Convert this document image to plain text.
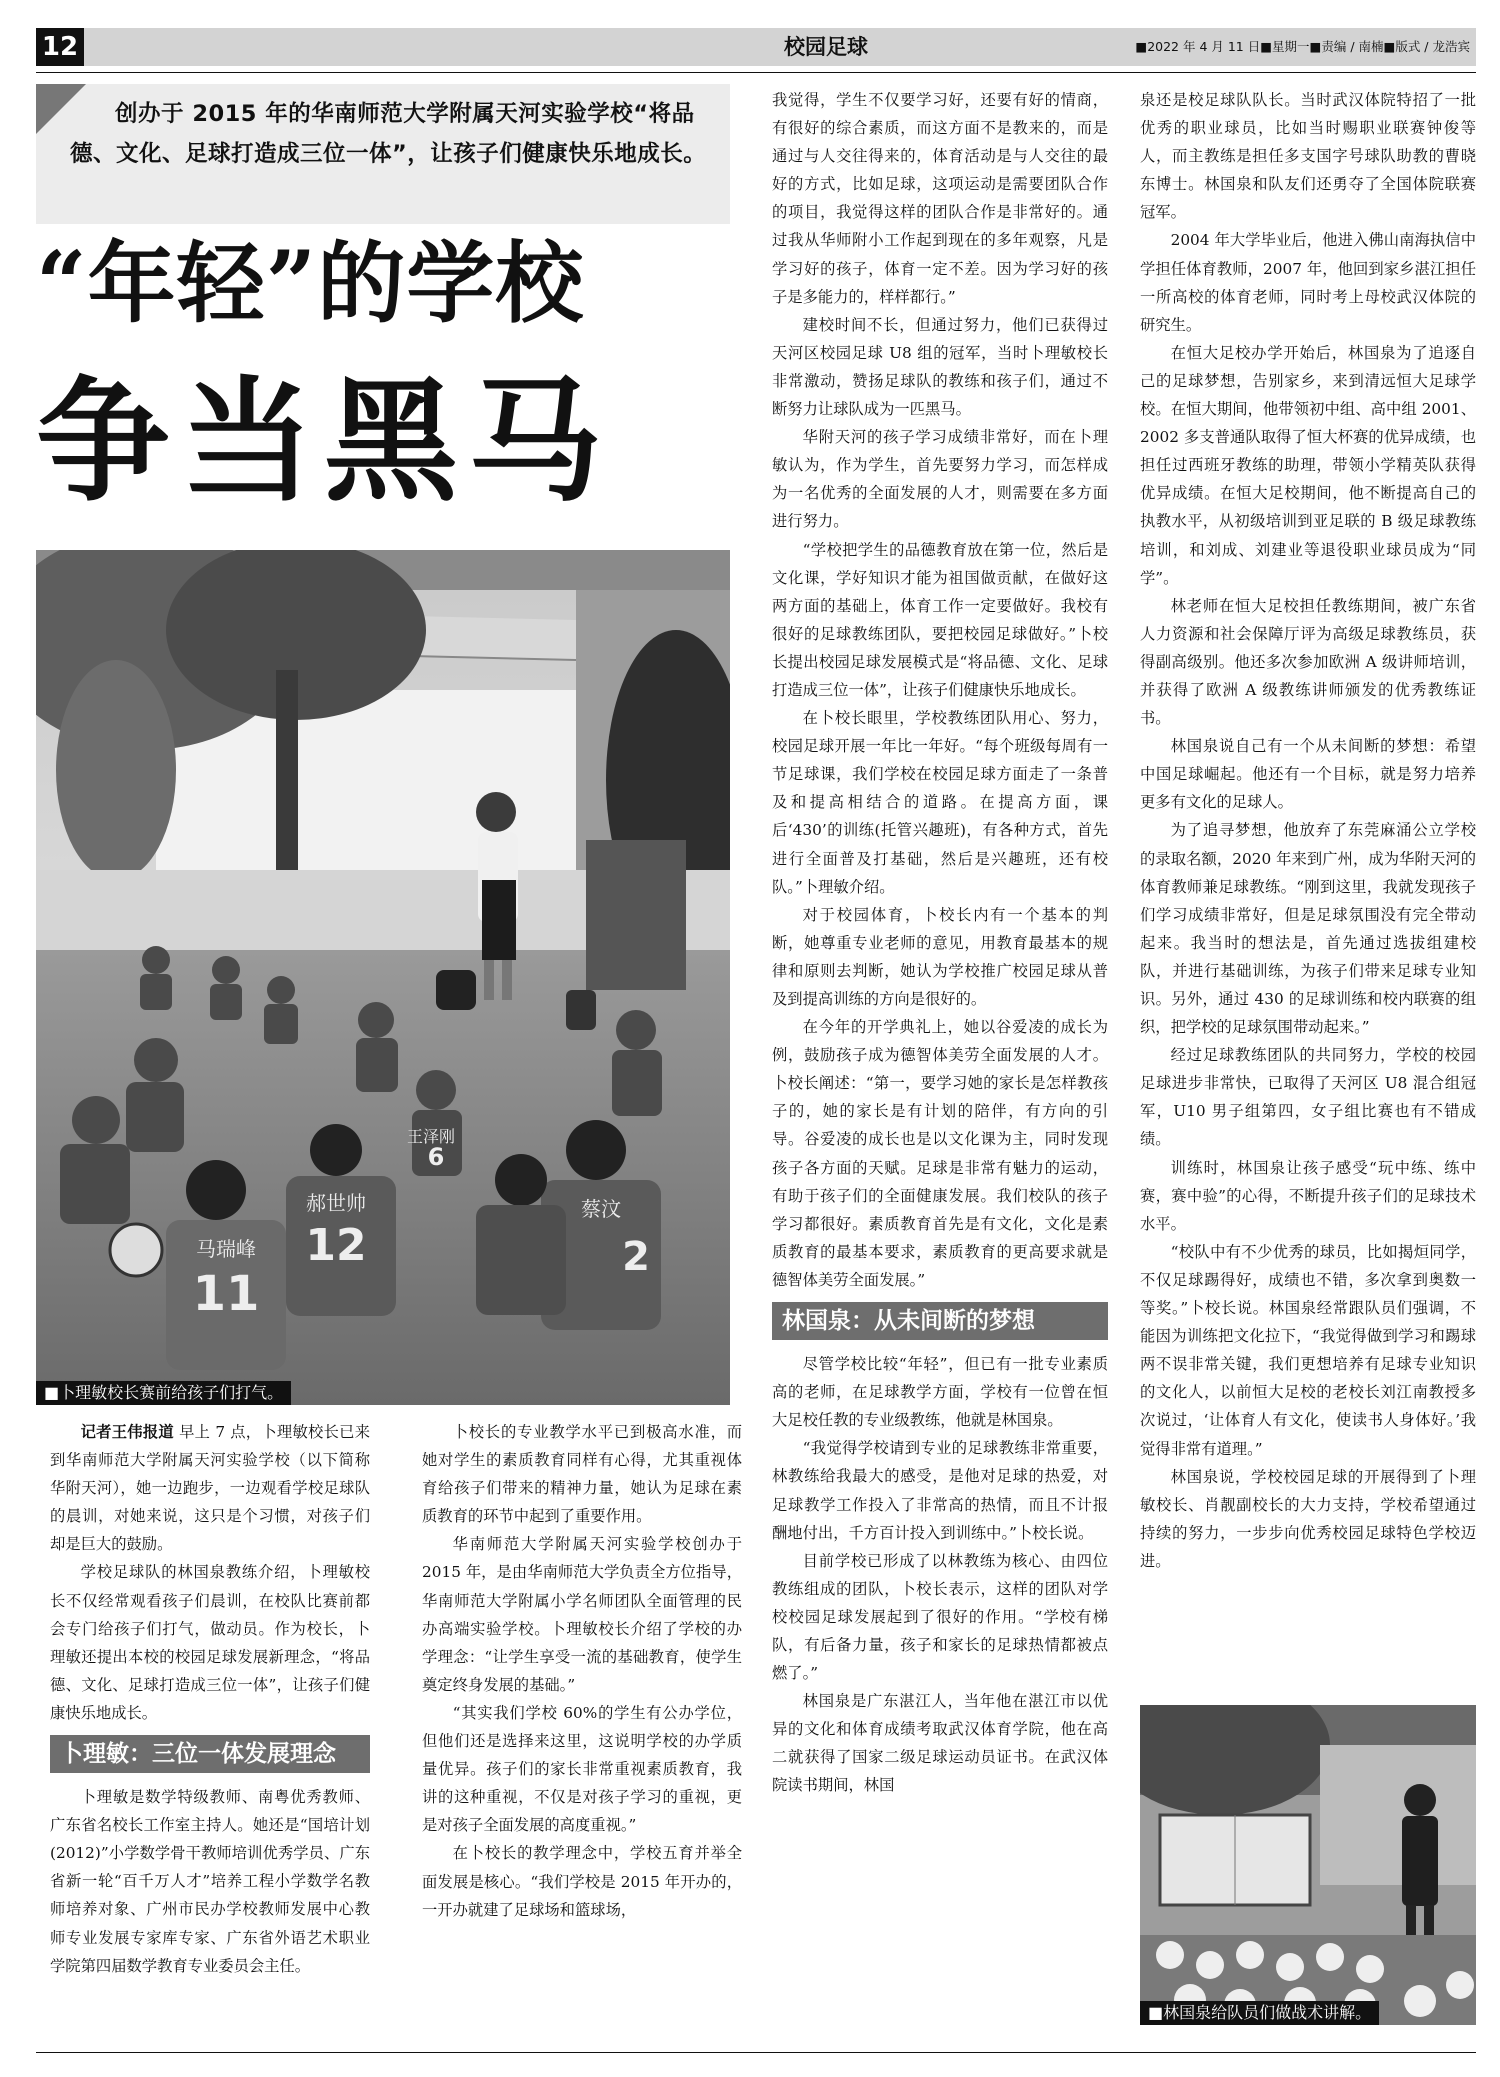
12	校园足球	■2022 年 4 月 11 日■星期一■责编 / 南楠■版式 / 龙浩宾

创办于 2015 年的华南师范大学附属天河实验学校“将品德、文化、足球打造成三位一体”，让孩子们健康快乐地成长。

“年轻”的学校
争当黑马
郝世帅
12
马瑞峰
11
蔡汶
2
王泽刚
6
■卜理敏校长赛前给孩子们打气。

记者王伟报道 早上 7 点，卜理敏校长已来到华南师范大学附属天河实验学校（以下简称华附天河），她一边跑步，一边观看学校足球队的晨训，对她来说，这只是个习惯，对孩子们却是巨大的鼓励。

学校足球队的林国泉教练介绍，卜理敏校长不仅经常观看孩子们晨训，在校队比赛前都会专门给孩子们打气，做动员。作为校长，卜理敏还提出本校的校园足球发展新理念，“将品德、文化、足球打造成三位一体”，让孩子们健康快乐地成长。

卜理敏：三位一体发展理念

卜理敏是数学特级教师、南粤优秀教师、广东省名校长工作室主持人。她还是“国培计划(2012)”小学数学骨干教师培训优秀学员、广东省新一轮“百千万人才”培养工程小学数学名教师培养对象、广州市民办学校教师发展中心教师专业发展专家库专家、广东省外语艺术职业学院第四届数学教育专业委员会主任。

卜校长的专业教学水平已到极高水准，而她对学生的素质教育同样有心得，尤其重视体育给孩子们带来的精神力量，她认为足球在素质教育的环节中起到了重要作用。

华南师范大学附属天河实验学校创办于 2015 年，是由华南师范大学负责全方位指导，华南师范大学附属小学名师团队全面管理的民办高端实验学校。卜理敏校长介绍了学校的办学理念：“让学生享受一流的基础教育，使学生奠定终身发展的基础。”

“其实我们学校 60%的学生有公办学位，但他们还是选择来这里，这说明学校的办学质量优异。孩子们的家长非常重视素质教育，我讲的这种重视，不仅是对孩子学习的重视，更是对孩子全面发展的高度重视。”

在卜校长的教学理念中，学校五育并举全面发展是核心。“我们学校是 2015 年开办的，一开办就建了足球场和篮球场，

我觉得，学生不仅要学习好，还要有好的情商，有很好的综合素质，而这方面不是教来的，而是通过与人交往得来的，体育活动是与人交往的最好的方式，比如足球，这项运动是需要团队合作的项目，我觉得这样的团队合作是非常好的。通过我从华师附小工作起到现在的多年观察，凡是学习好的孩子，体育一定不差。因为学习好的孩子是多能力的，样样都行。”

建校时间不长，但通过努力，他们已获得过天河区校园足球 U8 组的冠军，当时卜理敏校长非常激动，赞扬足球队的教练和孩子们，通过不断努力让球队成为一匹黑马。

华附天河的孩子学习成绩非常好，而在卜理敏认为，作为学生，首先要努力学习，而怎样成为一名优秀的全面发展的人才，则需要在多方面进行努力。

“学校把学生的品德教育放在第一位，然后是文化课，学好知识才能为祖国做贡献，在做好这两方面的基础上，体育工作一定要做好。我校有很好的足球教练团队，要把校园足球做好。”卜校长提出校园足球发展模式是“将品德、文化、足球打造成三位一体”，让孩子们健康快乐地成长。

在卜校长眼里，学校教练团队用心、努力，校园足球开展一年比一年好。“每个班级每周有一节足球课，我们学校在校园足球方面走了一条普及和提高相结合的道路。在提高方面，课后‘430’的训练(托管兴趣班)，有各种方式，首先进行全面普及打基础，然后是兴趣班，还有校队。”卜理敏介绍。

对于校园体育，卜校长内有一个基本的判断，她尊重专业老师的意见，用教育最基本的规律和原则去判断，她认为学校推广校园足球从普及到提高训练的方向是很好的。

在今年的开学典礼上，她以谷爱凌的成长为例，鼓励孩子成为德智体美劳全面发展的人才。卜校长阐述：“第一，要学习她的家长是怎样教孩子的，她的家长是有计划的陪伴，有方向的引导。谷爱凌的成长也是以文化课为主，同时发现孩子各方面的天赋。足球是非常有魅力的运动，有助于孩子们的全面健康发展。我们校队的孩子学习都很好。素质教育首先是有文化，文化是素质教育的最基本要求，素质教育的更高要求就是德智体美劳全面发展。”

林国泉：从未间断的梦想

尽管学校比较“年轻”，但已有一批专业素质高的老师，在足球教学方面，学校有一位曾在恒大足校任教的专业级教练，他就是林国泉。

“我觉得学校请到专业的足球教练非常重要，林教练给我最大的感受，是他对足球的热爱，对足球教学工作投入了非常高的热情，而且不计报酬地付出，千方百计投入到训练中。”卜校长说。

目前学校已形成了以林教练为核心、由四位教练组成的团队，卜校长表示，这样的团队对学校校园足球发展起到了很好的作用。“学校有梯队，有后备力量，孩子和家长的足球热情都被点燃了。”

林国泉是广东湛江人，当年他在湛江市以优异的文化和体育成绩考取武汉体育学院，他在高二就获得了国家二级足球运动员证书。在武汉体院读书期间，林国

泉还是校足球队队长。当时武汉体院特招了一批优秀的职业球员，比如当时赐职业联赛钟俊等人，而主教练是担任多支国字号球队助教的曹晓东博士。林国泉和队友们还勇夺了全国体院联赛冠军。

2004 年大学毕业后，他进入佛山南海执信中学担任体育教师，2007 年，他回到家乡湛江担任一所高校的体育老师，同时考上母校武汉体院的研究生。

在恒大足校办学开始后，林国泉为了追逐自己的足球梦想，告别家乡，来到清远恒大足球学校。在恒大期间，他带领初中组、高中组 2001、2002 多支普通队取得了恒大杯赛的优异成绩，也担任过西班牙教练的助理，带领小学精英队获得优异成绩。在恒大足校期间，他不断提高自己的执教水平，从初级培训到亚足联的 B 级足球教练培训，和刘成、刘建业等退役职业球员成为“同学”。

林老师在恒大足校担任教练期间，被广东省人力资源和社会保障厅评为高级足球教练员，获得副高级别。他还多次参加欧洲 A 级讲师培训，并获得了欧洲 A 级教练讲师颁发的优秀教练证书。

林国泉说自己有一个从未间断的梦想：希望中国足球崛起。他还有一个目标，就是努力培养更多有文化的足球人。

为了追寻梦想，他放弃了东莞麻涌公立学校的录取名额，2020 年来到广州，成为华附天河的体育教师兼足球教练。“刚到这里，我就发现孩子们学习成绩非常好，但是足球氛围没有完全带动起来。我当时的想法是，首先通过选拔组建校队，并进行基础训练，为孩子们带来足球专业知识。另外，通过 430 的足球训练和校内联赛的组织，把学校的足球氛围带动起来。”

经过足球教练团队的共同努力，学校的校园足球进步非常快，已取得了天河区 U8 混合组冠军，U10 男子组第四，女子组比赛也有不错成绩。

训练时，林国泉让孩子感受“玩中练、练中赛，赛中验”的心得，不断提升孩子们的足球技术水平。

“校队中有不少优秀的球员，比如揭烜同学，不仅足球踢得好，成绩也不错，多次拿到奥数一等奖。”卜校长说。林国泉经常跟队员们强调，不能因为训练把文化拉下，“我觉得做到学习和踢球两不误非常关键，我们更想培养有足球专业知识的文化人，以前恒大足校的老校长刘江南教授多次说过，‘让体育人有文化，使读书人身体好。’我觉得非常有道理。”

林国泉说，学校校园足球的开展得到了卜理敏校长、肖靓副校长的大力支持，学校希望通过持续的努力，一步步向优秀校园足球特色学校迈进。

■林国泉给队员们做战术讲解。
